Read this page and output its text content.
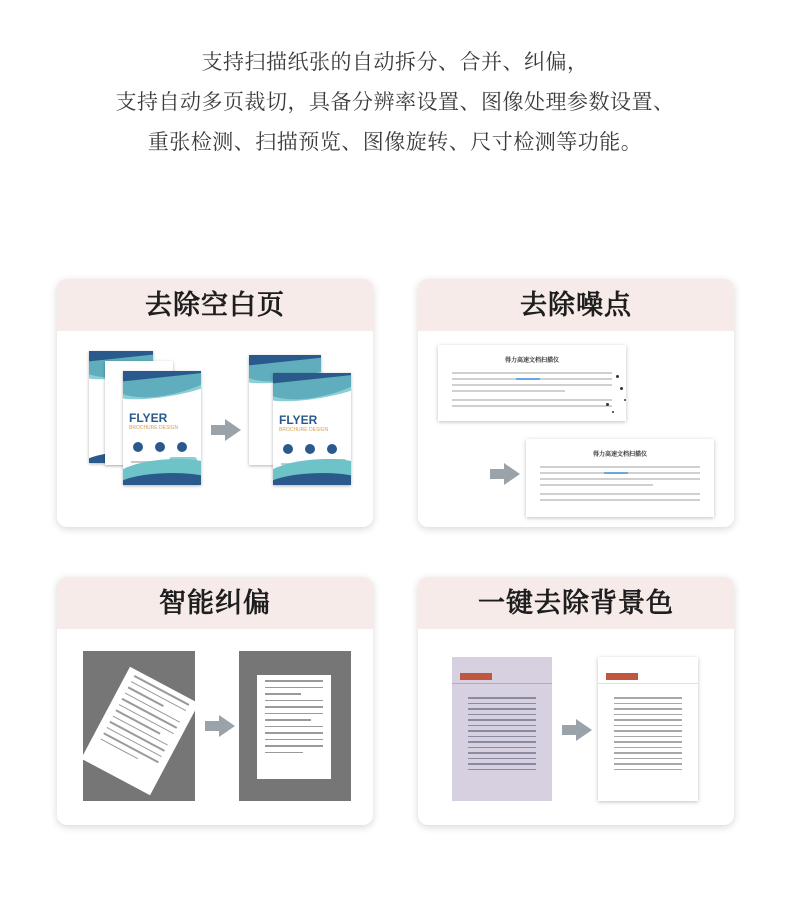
支持扫描纸张的自动拆分、合并、纠偏，

支持自动多页裁切，具备分辨率设置、图像处理参数设置、

重张检测、扫描预览、图像旋转、尺寸检测等功能。

去除空白页
FLYER
BROCHURE DESIGN
FLYER
BROCHURE DESIGN
去除噪点
得力高速文档扫描仪
得力高速文档扫描仪
智能纠偏	一键去除背景色
